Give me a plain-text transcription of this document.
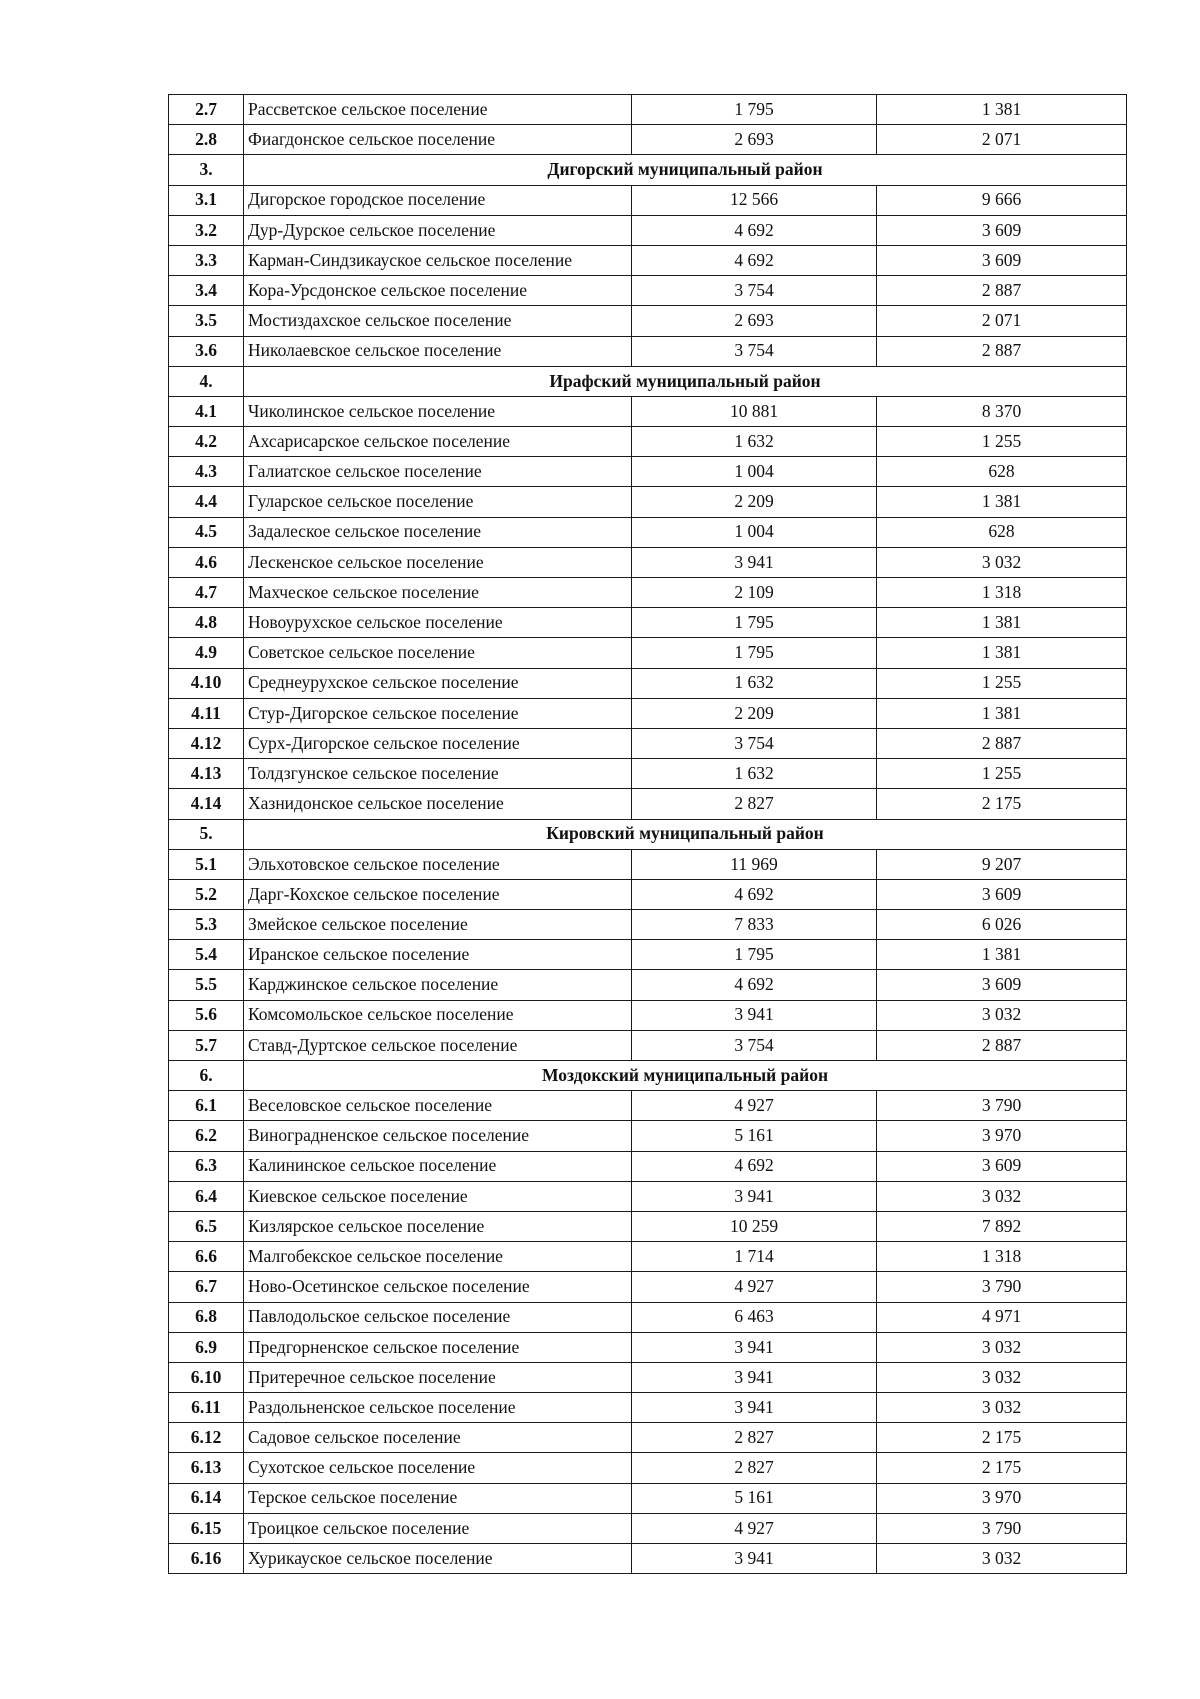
2.7	Рассветское сельское поселение	1 795	1 381
2.8	Фиагдонское сельское поселение	2 693	2 071
3.	Дигорский муниципальный район		
3.1	Дигорское городское поселение	12 566	9 666
3.2	Дур-Дурское сельское поселение	4 692	3 609
3.3	Карман-Синдзикауское сельское поселение	4 692	3 609
3.4	Кора-Урсдонское сельское поселение	3 754	2 887
3.5	Мостиздахское сельское поселение	2 693	2 071
3.6	Николаевское сельское поселение	3 754	2 887
4.	Ирафский муниципальный район		
4.1	Чиколинское сельское поселение	10 881	8 370
4.2	Ахсарисарское сельское поселение	1 632	1 255
4.3	Галиатское сельское поселение	1 004	628
4.4	Гуларское сельское поселение	2 209	1 381
4.5	Задалеское сельское поселение	1 004	628
4.6	Лескенское сельское поселение	3 941	3 032
4.7	Махческое сельское поселение	2 109	1 318
4.8	Новоурухское сельское поселение	1 795	1 381
4.9	Советское сельское поселение	1 795	1 381
4.10	Среднеурухское сельское поселение	1 632	1 255
4.11	Стур-Дигорское сельское поселение	2 209	1 381
4.12	Сурх-Дигорское сельское поселение	3 754	2 887
4.13	Толдзгунское сельское поселение	1 632	1 255
4.14	Хазнидонское сельское поселение	2 827	2 175
5.	Кировский муниципальный район		
5.1	Эльхотовское сельское поселение	11 969	9 207
5.2	Дарг-Кохское сельское поселение	4 692	3 609
5.3	Змейское сельское поселение	7 833	6 026
5.4	Иранское сельское поселение	1 795	1 381
5.5	Карджинское сельское поселение	4 692	3 609
5.6	Комсомольское сельское поселение	3 941	3 032
5.7	Ставд-Дуртское сельское поселение	3 754	2 887
6.	Моздокский муниципальный район		
6.1	Веселовское сельское поселение	4 927	3 790
6.2	Виноградненское сельское поселение	5 161	3 970
6.3	Калининское сельское поселение	4 692	3 609
6.4	Киевское сельское поселение	3 941	3 032
6.5	Кизлярское сельское поселение	10 259	7 892
6.6	Малгобекское сельское поселение	1 714	1 318
6.7	Ново-Осетинское сельское поселение	4 927	3 790
6.8	Павлодольское сельское поселение	6 463	4 971
6.9	Предгорненское сельское поселение	3 941	3 032
6.10	Притеречное сельское поселение	3 941	3 032
6.11	Раздольненское сельское поселение	3 941	3 032
6.12	Садовое сельское поселение	2 827	2 175
6.13	Сухотское сельское поселение	2 827	2 175
6.14	Терское сельское поселение	5 161	3 970
6.15	Троицкое сельское поселение	4 927	3 790
6.16	Хурикауское сельское поселение	3 941	3 032
